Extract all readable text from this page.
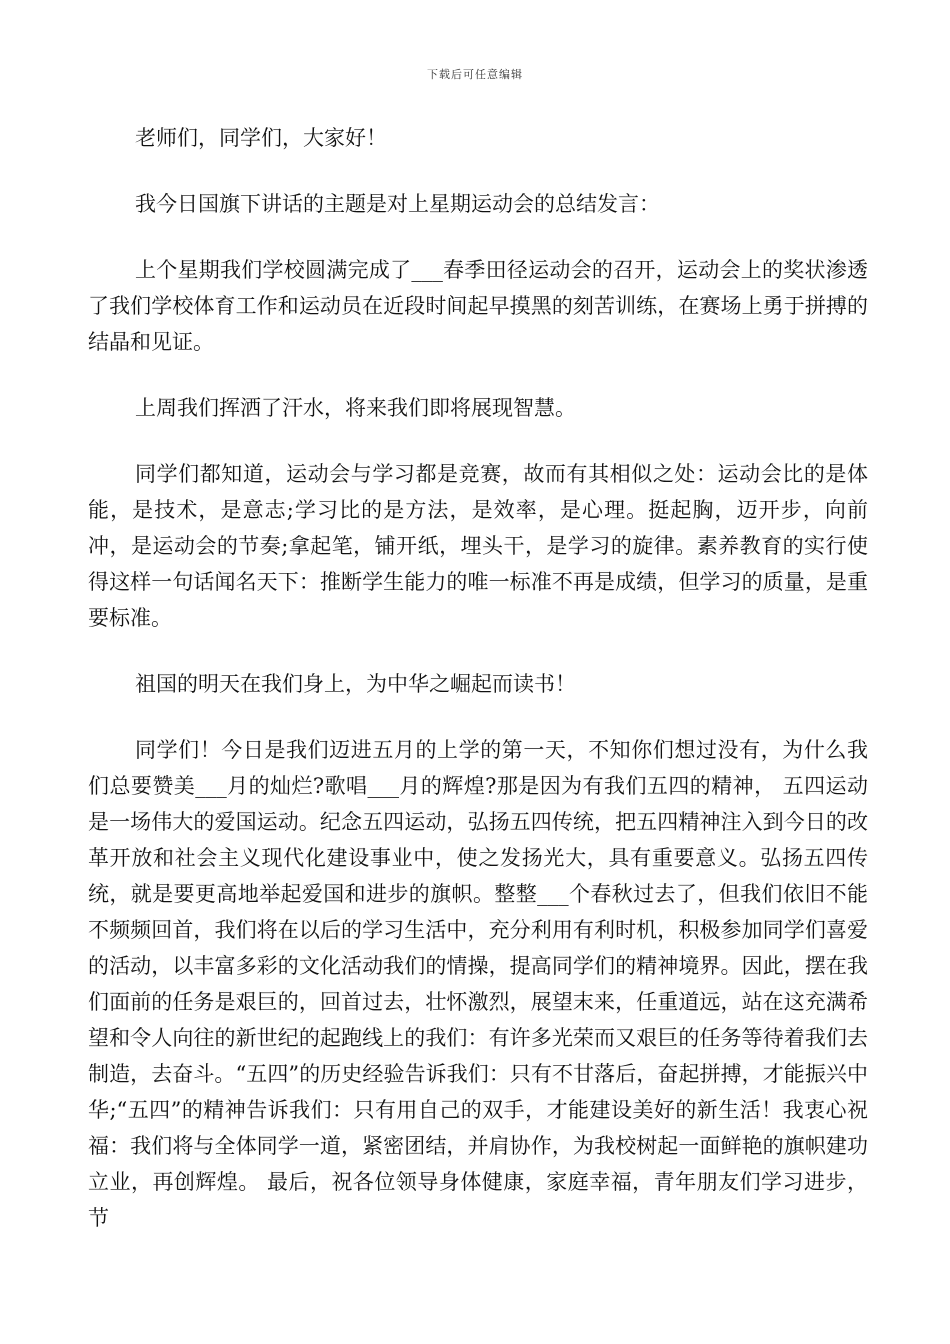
下载后可任意编辑

老师们，同学们，大家好！

我今日国旗下讲话的主题是对上星期运动会的总结发言：

上个星期我们学校圆满完成了___春季田径运动会的召开，运动会上的奖状渗透了我们学校体育工作和运动员在近段时间起早摸黑的刻苦训练，在赛场上勇于拼搏的结晶和见证。

上周我们挥洒了汗水，将来我们即将展现智慧。

同学们都知道，运动会与学习都是竞赛，故而有其相似之处：运动会比的是体能，是技术，是意志;学习比的是方法，是效率，是心理。挺起胸，迈开步，向前冲，是运动会的节奏;拿起笔，铺开纸，埋头干，是学习的旋律。素养教育的实行使得这样一句话闻名天下：推断学生能力的唯一标准不再是成绩，但学习的质量，是重要标准。

祖国的明天在我们身上，为中华之崛起而读书！

同学们！今日是我们迈进五月的上学的第一天，不知你们想过没有，为什么我们总要赞美___月的灿烂?歌唱___月的辉煌?那是因为有我们五四的精神， 五四运动是一场伟大的爱国运动。纪念五四运动，弘扬五四传统，把五四精神注入到今日的改革开放和社会主义现代化建设事业中，使之发扬光大，具有重要意义。弘扬五四传统，就是要更高地举起爱国和进步的旗帜。整整___个春秋过去了，但我们依旧不能不频频回首，我们将在以后的学习生活中，充分利用有利时机，积极参加同学们喜爱的活动，以丰富多彩的文化活动我们的情操，提高同学们的精神境界。因此，摆在我们面前的任务是艰巨的，回首过去，壮怀激烈，展望末来，任重道远，站在这充满希望和令人向往的新世纪的起跑线上的我们：有许多光荣而又艰巨的任务等待着我们去制造，去奋斗。“五四”的历史经验告诉我们：只有不甘落后，奋起拼搏，才能振兴中华;“五四”的精神告诉我们：只有用自己的双手，才能建设美好的新生活！我衷心祝福：我们将与全体同学一道，紧密团结，并肩协作，为我校树起一面鲜艳的旗帜建功立业，再创辉煌。 最后，祝各位领导身体健康，家庭幸福，青年朋友们学习进步，节
